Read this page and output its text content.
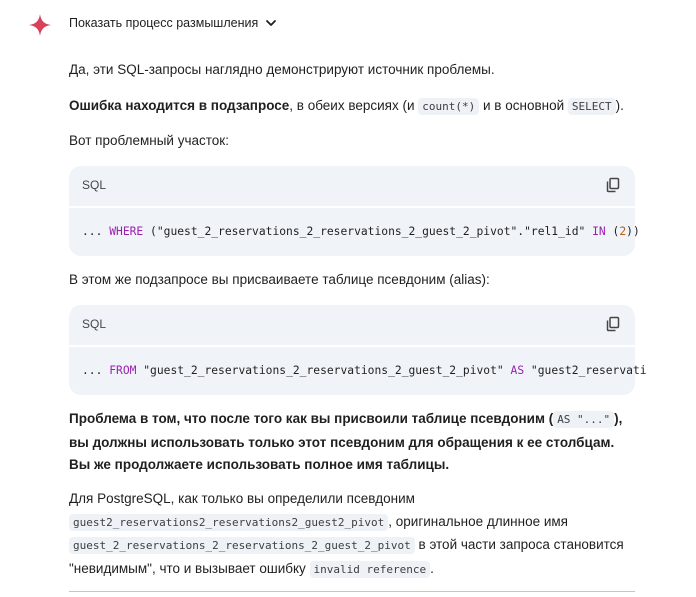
Показать процесс размышления
Да, эти SQL-запросы наглядно демонстрируют источник проблемы.
Ошибка находится в подзапросе, в обеих версиях (и count(*) и в основной SELECT ).
Вот проблемный участок:
SQL
... WHERE ("guest_2_reservations_2_reservations_2_guest_2_pivot"."rel1_id" IN (2))
В этом же подзапросе вы присваиваете таблице псевдоним (alias):
SQL
... FROM "guest_2_reservations_2_reservations_2_guest_2_pivot" AS "guest2_reservati
Проблема в том, что после того как вы присвоили таблице псевдоним ( AS "..." ), вы должны использовать только этот псевдоним для обращения к ее столбцам. Вы же продолжаете использовать полное имя таблицы.
Для PostgreSQL, как только вы определили псевдоним guest2_reservations2_reservations2_guest2_pivot , оригинальное длинное имя guest_2_reservations_2_reservations_2_guest_2_pivot в этой части запроса становится "невидимым", что и вызывает ошибку invalid reference .
